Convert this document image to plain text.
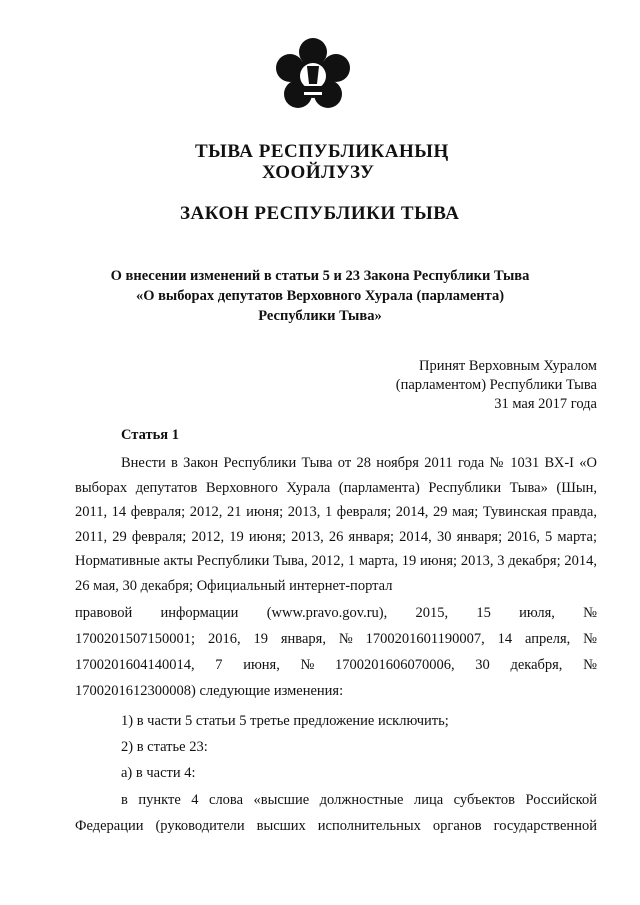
ТЫВА РЕСПУБЛИКАНЫҢ
ХООЙЛУЗУ
ЗАКОН РЕСПУБЛИКИ ТЫВА
О внесении изменений в статьи 5 и 23 Закона Республики Тыва
«О выборах депутатов Верховного Хурала (парламента)
Республики Тыва»
Принят Верховным Хуралом
(парламентом) Республики Тыва
31 мая 2017 года
Статья 1
Внести в Закон Республики Тыва от 28 ноября 2011 года № 1031 ВХ-I «О выборах депутатов Верховного Хурала (парламента) Республики Тыва» (Шын, 2011, 14 февраля; 2012, 21 июня; 2013, 1 февраля; 2014, 29 мая; Тувинская правда, 2011, 29 февраля; 2012, 19 июня; 2013, 26 января; 2014, 30 января; 2016, 5 марта; Нормативные акты Республики Тыва, 2012, 1 марта, 19 июня; 2013, 3 декабря; 2014, 26 мая, 30 декабря; Официальный интернет-портал
правовой информации (www.pravo.gov.ru), 2015, 15 июля, №
1700201507150001; 2016, 19 января, № 1700201601190007, 14 апреля, №
1700201604140014, 7 июня, № 1700201606070006, 30 декабря, №
1700201612300008) следующие изменения:
1) в части 5 статьи 5 третье предложение исключить;
2) в статье 23:
а) в части 4:
в пункте 4 слова «высшие должностные лица субъектов Российской
Федерации (руководители высших исполнительных органов государственной
